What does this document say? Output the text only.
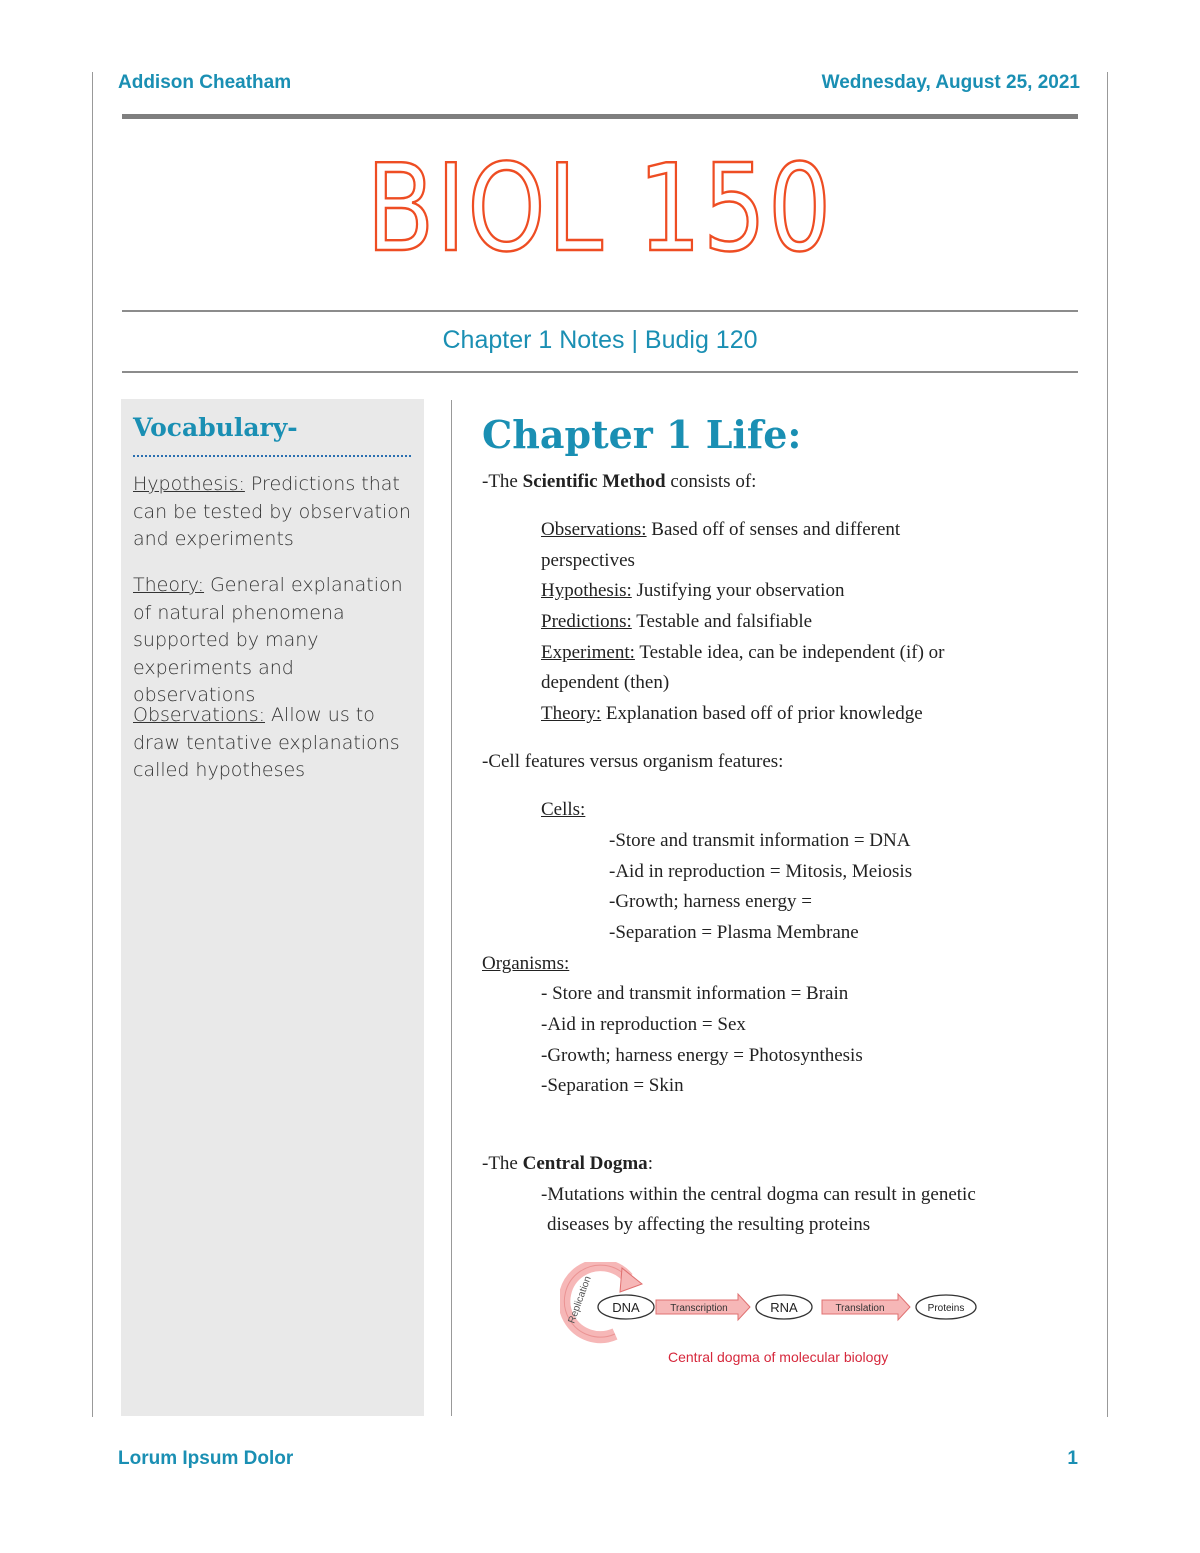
Addison Cheatham	Wednesday, August 25, 2021
BIOL 150
Chapter 1 Notes | Budig 120
Vocabulary-
Hypothesis: Predictions that can be tested by observation and experiments
Theory: General explanation of natural phenomena supported by many experiments and observations
Observations: Allow us to draw tentative explanations called hypotheses
Chapter 1 Life:
-The Scientific Method consists of:
Observations: Based off of senses and different
perspectives
Hypothesis: Justifying your observation
Predictions: Testable and falsifiable
Experiment: Testable idea, can be independent (if) or
dependent (then)
Theory: Explanation based off of prior knowledge
-Cell features versus organism features:
Cells:
-Store and transmit information = DNA
-Aid in reproduction = Mitosis, Meiosis
-Growth; harness energy =
-Separation = Plasma Membrane
Organisms:
- Store and transmit information = Brain
-Aid in reproduction = Sex
-Growth; harness energy = Photosynthesis
-Separation = Skin
-The Central Dogma:
-Mutations within the central dogma can result in genetic
diseases by affecting the resulting proteins
Replication DNA	Transcription	RNA	Translation	Proteins
Central dogma of molecular biology
Lorum Ipsum Dolor	1
